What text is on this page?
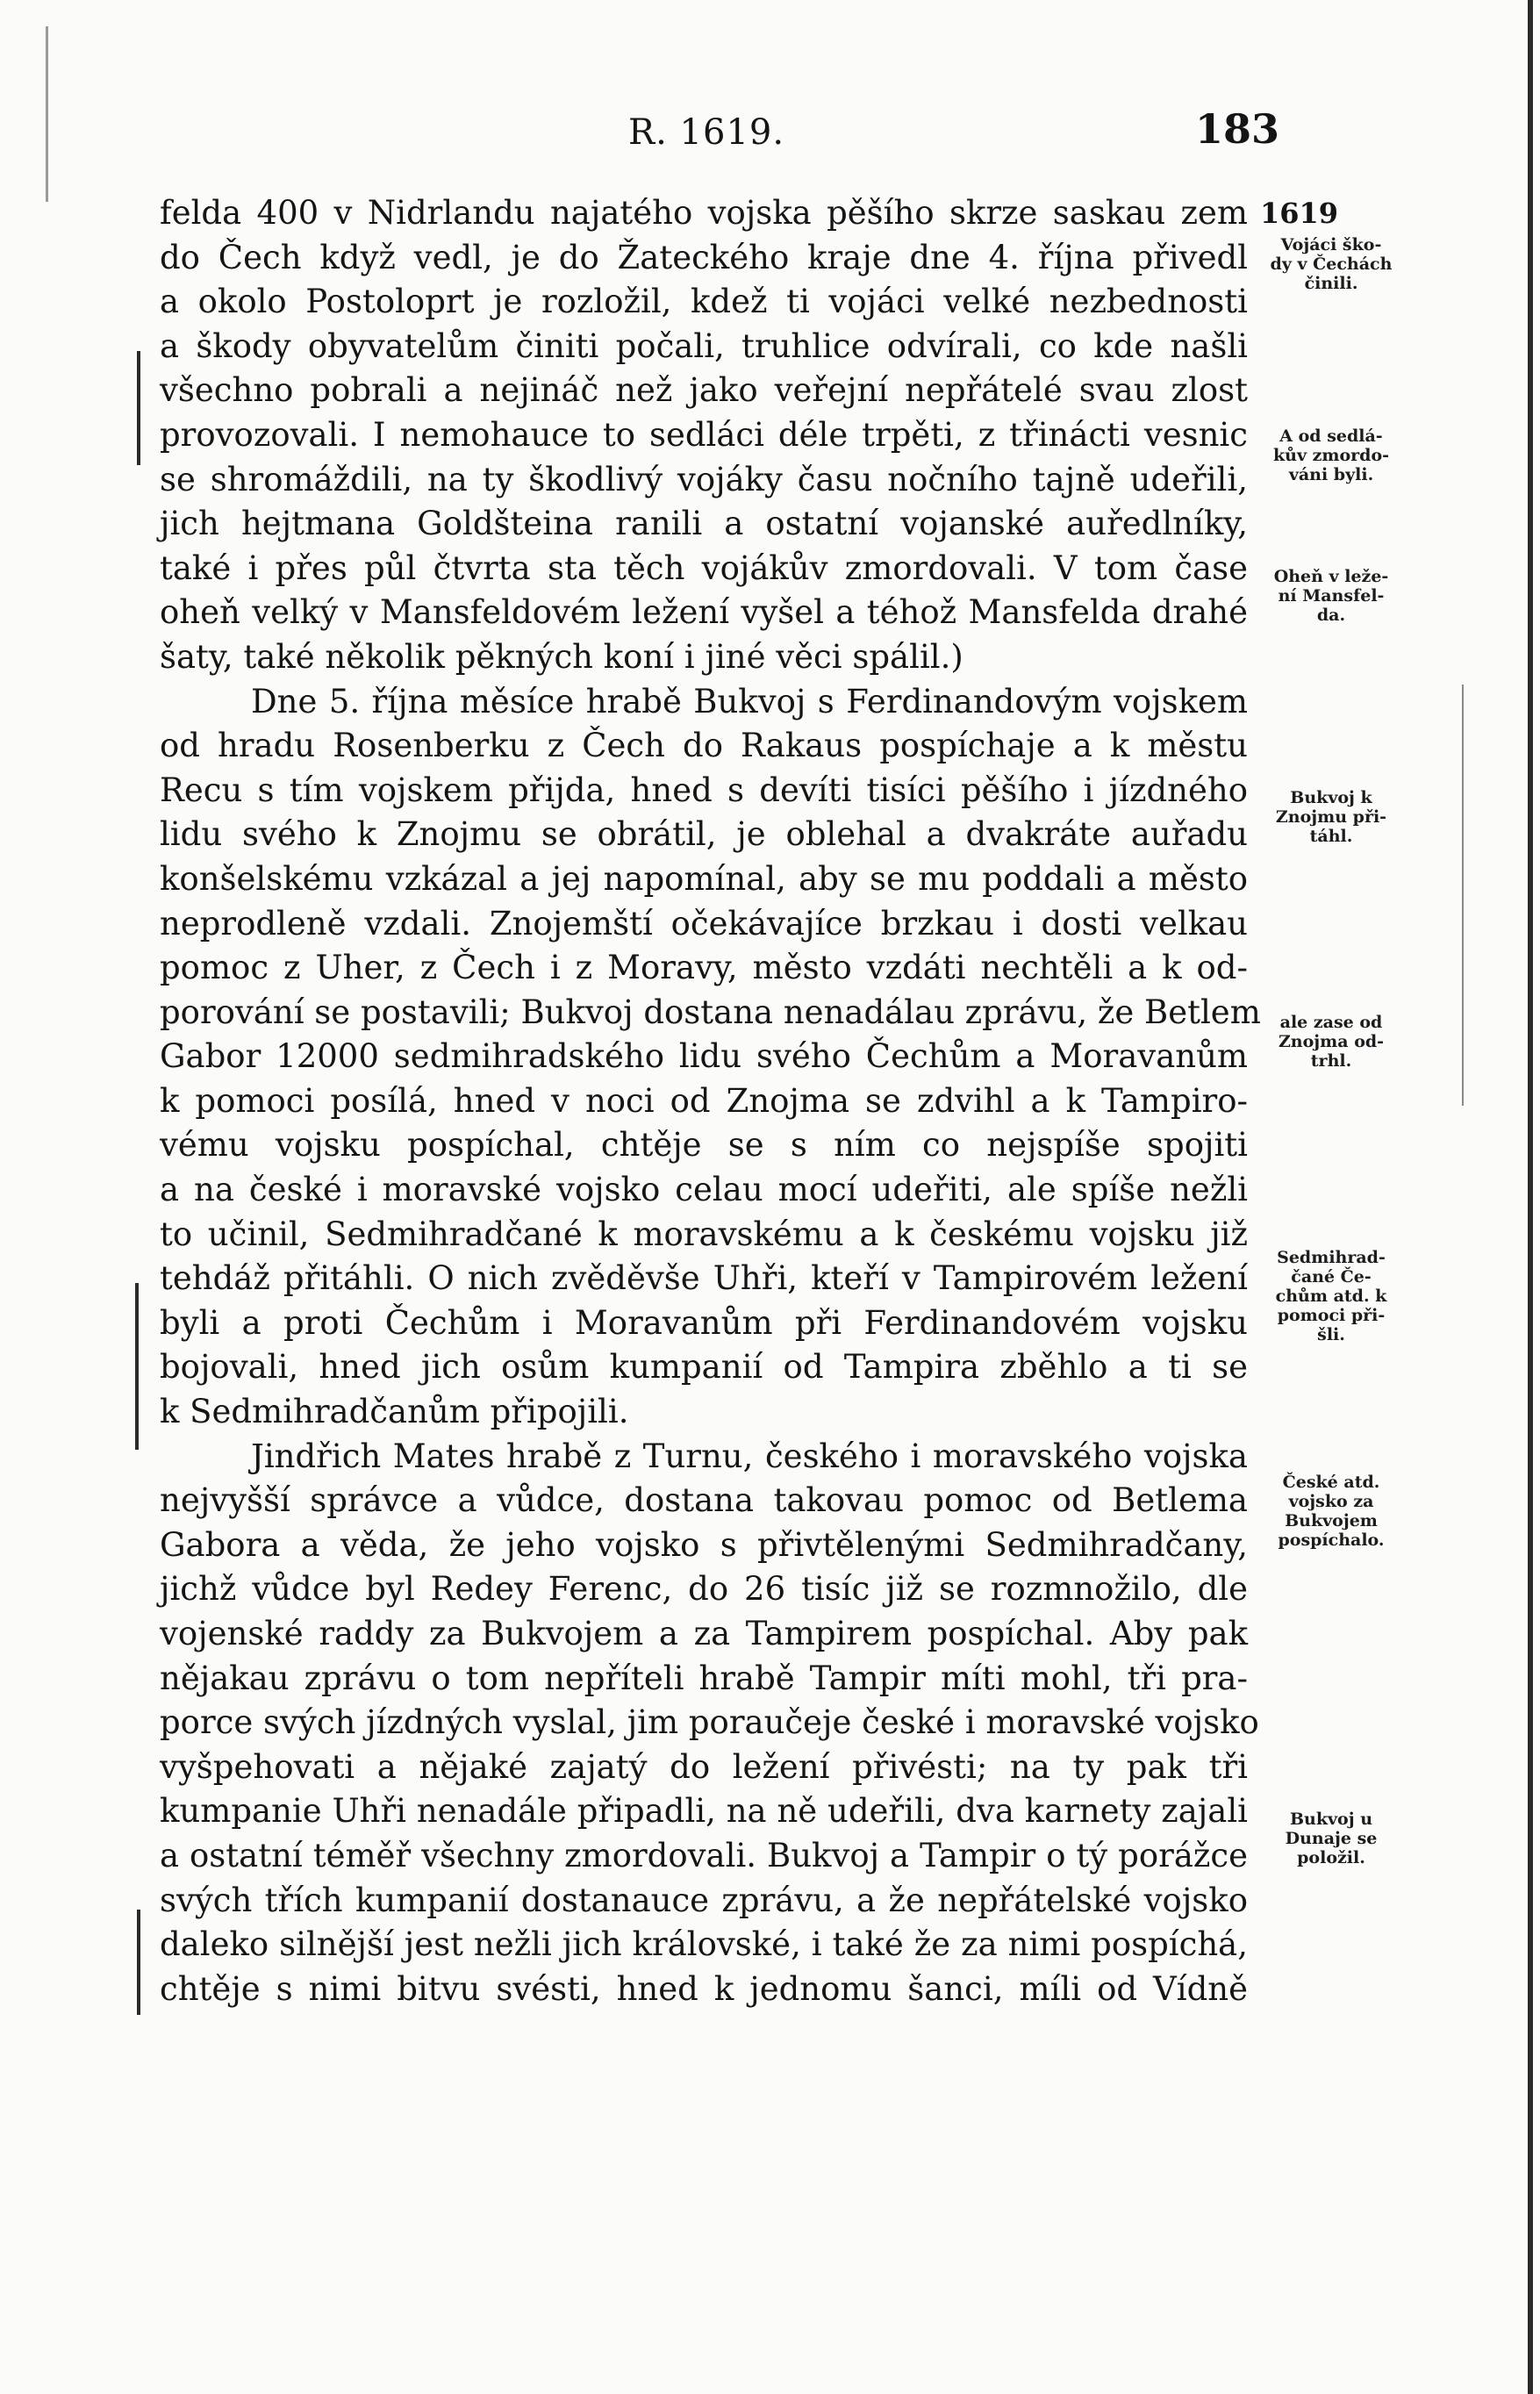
R. 1619.	183

felda 400 v Nidrlandu najatého vojska pěšího skrze saskau zem
do Čech když vedl, je do Žateckého kraje dne 4. října přivedl
a okolo Postoloprt je rozložil, kdež ti vojáci velké nezbednosti
a škody obyvatelům činiti počali, truhlice odvírali, co kde našli
všechno pobrali a nejináč než jako veřejní nepřátelé svau zlost
provozovali. I nemohauce to sedláci déle trpěti, z třinácti vesnic
se shromáždili, na ty škodlivý vojáky času nočního tajně udeřili,
jich hejtmana Goldšteina ranili a ostatní vojanské auředlníky,
také i přes půl čtvrta sta těch vojákův zmordovali. V tom čase
oheň velký v Mansfeldovém ležení vyšel a téhož Mansfelda drahé
šaty, také několik pěkných koní i jiné věci spálil.)

Dne 5. října měsíce hrabě Bukvoj s Ferdinandovým vojskem
od hradu Rosenberku z Čech do Rakaus pospíchaje a k městu
Recu s tím vojskem přijda, hned s devíti tisíci pěšího i jízdného
lidu svého k Znojmu se obrátil, je oblehal a dvakráte auřadu
konšelskému vzkázal a jej napomínal, aby se mu poddali a město
neprodleně vzdali. Znojemští očekávajíce brzkau i dosti velkau
pomoc z Uher, z Čech i z Moravy, město vzdáti nechtěli a k od-
porování se postavili; Bukvoj dostana nenadálau zprávu, že Betlem
Gabor 12000 sedmihradského lidu svého Čechům a Moravanům
k pomoci posílá, hned v noci od Znojma se zdvihl a k Tampiro-
vému vojsku pospíchal, chtěje se s ním co nejspíše spojiti
a na české i moravské vojsko celau mocí udeřiti, ale spíše nežli
to učinil, Sedmihradčané k moravskému a k českému vojsku již
tehdáž přitáhli. O nich zvěděvše Uhři, kteří v Tampirovém ležení
byli a proti Čechům i Moravanům při Ferdinandovém vojsku
bojovali, hned jich osům kumpanií od Tampira zběhlo a ti se
k Sedmihradčanům připojili.

Jindřich Mates hrabě z Turnu, českého i moravského vojska
nejvyšší správce a vůdce, dostana takovau pomoc od Betlema
Gabora a věda, že jeho vojsko s přivtělenými Sedmihradčany,
jichž vůdce byl Redey Ferenc, do 26 tisíc již se rozmnožilo, dle
vojenské raddy za Bukvojem a za Tampirem pospíchal. Aby pak
nějakau zprávu o tom nepříteli hrabě Tampir míti mohl, tři pra-
porce svých jízdných vyslal, jim poraučeje české i moravské vojsko
vyšpehovati a nějaké zajatý do ležení přivésti; na ty pak tři
kumpanie Uhři nenadále připadli, na ně udeřili, dva karnety zajali
a ostatní téměř všechny zmordovali. Bukvoj a Tampir o tý porážce
svých třích kumpanií dostanauce zprávu, a že nepřátelské vojsko
daleko silnější jest nežli jich královské, i také že za nimi pospíchá,
chtěje s nimi bitvu svésti, hned k jednomu šanci, míli od Vídně

1619
Vojáci ško-
dy v Čechách
činili.
A od sedlá-
kův zmordo-
váni byli.
Oheň v leže-
ní Mansfel-
da.
Bukvoj k
Znojmu při-
táhl.
ale zase od
Znojma od-
trhl.
Sedmihrad-
čané Če-
chům atd. k
pomoci při-
šli.
České atd.
vojsko za
Bukvojem
pospíchalo.
Bukvoj u
Dunaje se
položil.
